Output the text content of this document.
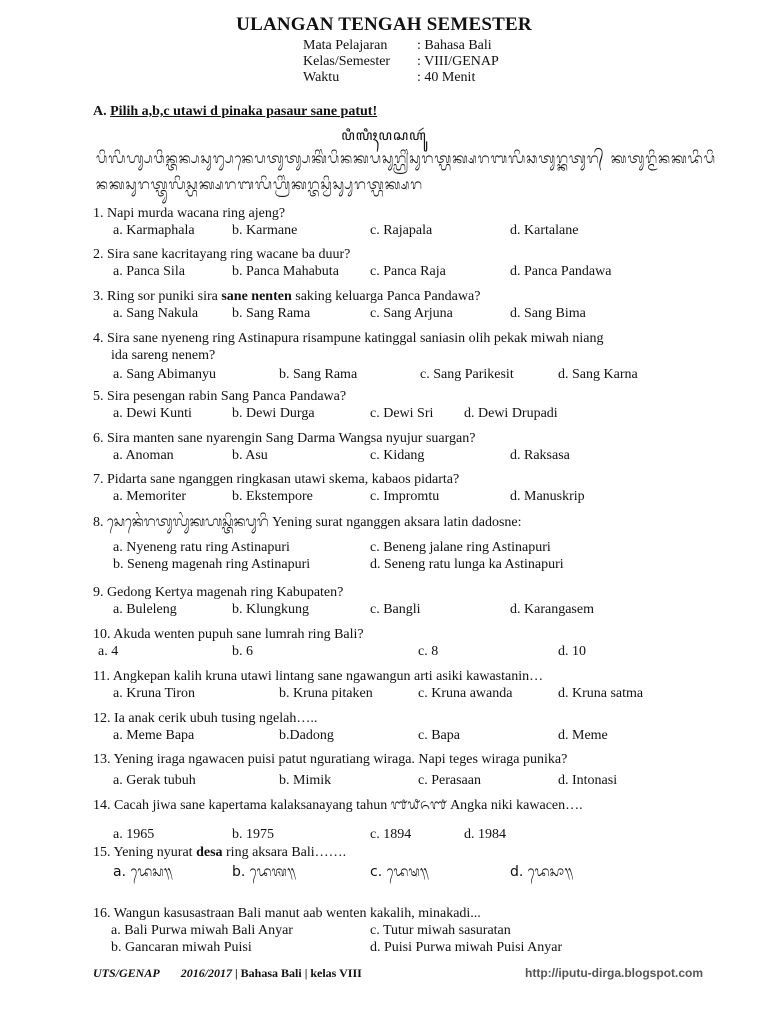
ULANGAN TENGAH SEMESTER
Mata Pelajaran	: Bahasa Bali
Kelas/Semester	: VIII/GENAP
Waktu	: 40 Menit
A. Pilih a,b,c utawi d pinaka pasaur sane patut!
ꦥꦶꦭꦶꦃꦥꦱꦲꦸꦂ
ᬧᬶᬮᬶᬳ᭄ᬲᬯᬶᬦ᭄ᬢᬦ᭄ᬧᬲᬸᬭ᭄ᬲᬦᬾᬧᬢᬸᬢ᭄ᬲᬓᬶᬂᬧᬶᬦᬓᬧᬲᬸᬭ᭄ᬳ᭄ᬭᬶᬂᬲᬸᬭᬢ᭄ᬳᬓ᭄ᬱᬭᬩᬮᬶᬘᬢᬸᬭ᭄ᬓᬢᬸᬭ᭄ ᬓᬢᬸᬭ᭄ᬫᬶᬦᬓᬤᬶᬧᬶᬦᬓᬲᬸᬭᬢ᭄ᬢᬸᬮᬶᬲ᭄ᬳᬓ᭄ᬱᬭᬩᬮᬶᬳ᭄ᬭᬶᬂᬓᬭ᭄ᬢᬲ᭄ᬯᬶᬲ᭄ᬲᬸᬭᬢ᭄ᬳᬓ᭄ᬱᬭ
1. Napi murda wacana ring ajeng?
a. Karmaphala	b. Karmane	c. Rajapala	d. Kartalane
2. Sira sane kacritayang ring wacane ba duur?
a. Panca Sila	b. Panca Mahabuta c. Panca Raja	d. Panca Pandawa
3. Ring sor puniki sira sane nenten saking keluarga Panca Pandawa?
a. Sang Nakula b. Sang Rama	c. Sang Arjuna	d. Sang Bima
4. Sira sane nyeneng ring Astinapura risampune katinggal saniasin olih pekak miwah niang
ida sareng nenem?
a. Sang Abimanyu	b. Sang Rama	c. Sang Parikesit	d. Sang Karna
5. Sira pesengan rabin Sang Panca Pandawa?
a. Dewi Kunti	b. Dewi Durga	c. Dewi Sri d. Dewi Drupadi
6. Sira manten sane nyarengin Sang Darma Wangsa nyujur suargan?
a. Anoman	b. Asu	c. Kidang	d. Raksasa
7. Pidarta sane nganggen ringkasan utawi skema, kabaos pidarta?
a. Memoriter	b. Ekstempore	c. Impromtu	d. Manuskrip
8. ᬲᬾᬦᬾᬂᬭᬢᬸᬮᬸᬂᬓᬳᬲ᭄ᬢᬶᬦᬧᬸᬭᬶ Yening surat nganggen aksara latin dadosne:
a. Nyeneng ratu ring Astinapuri
b. Seneng magenah ring Astinapuri
c. Beneng jalane ring Astinapuri
d. Seneng ratu lunga ka Astinapuri
9. Gedong Kertya magenah ring Kabupaten?
a. Buleleng	b. Klungkung	c. Bangli	d. Karangasem
10. Akuda wenten pupuh sane lumrah ring Bali?
a. 4	b. 6	c. 8	d. 10
11. Angkepan kalih kruna utawi lintang sane ngawangun arti asiki kawastanin…
a. Kruna Tiron	b. Kruna pitaken	c. Kruna awanda	d. Kruna satma
12. Ia anak cerik ubuh tusing ngelah…..
a. Meme Bapa	b.Dadong	c. Bapa	d. Meme
13. Yening iraga ngawacen puisi patut nguratiang wiraga. Napi teges wiraga punika?
a. Gerak tubuh	b. Mimik	c. Perasaan	d. Intonasi
14. Cacah jiwa sane kapertama kalaksanayang tahun ᭑᭙᭖᭑ Angka niki kawacen….
a. 1965	b. 1975	c. 1894	d. 1984
15. Yening nyurat desa ring aksara Bali…….
a. ᬤᬾᬲ᭟	b. ᬤᬾᬰ᭟	c. ᬤᬾᬱ᭟	d. ᬤᬾᬲᬵ᭟
16. Wangun kasusastraan Bali manut aab wenten kakalih, minakadi...
a. Bali Purwa miwah Bali Anyar
b. Gancaran miwah Puisi
c. Tutur miwah sasuratan
d. Puisi Purwa miwah Puisi Anyar
UTS/GENAP 2016/2017 | Bahasa Bali | kelas VIII	http://iputu-dirga.blogspot.com
